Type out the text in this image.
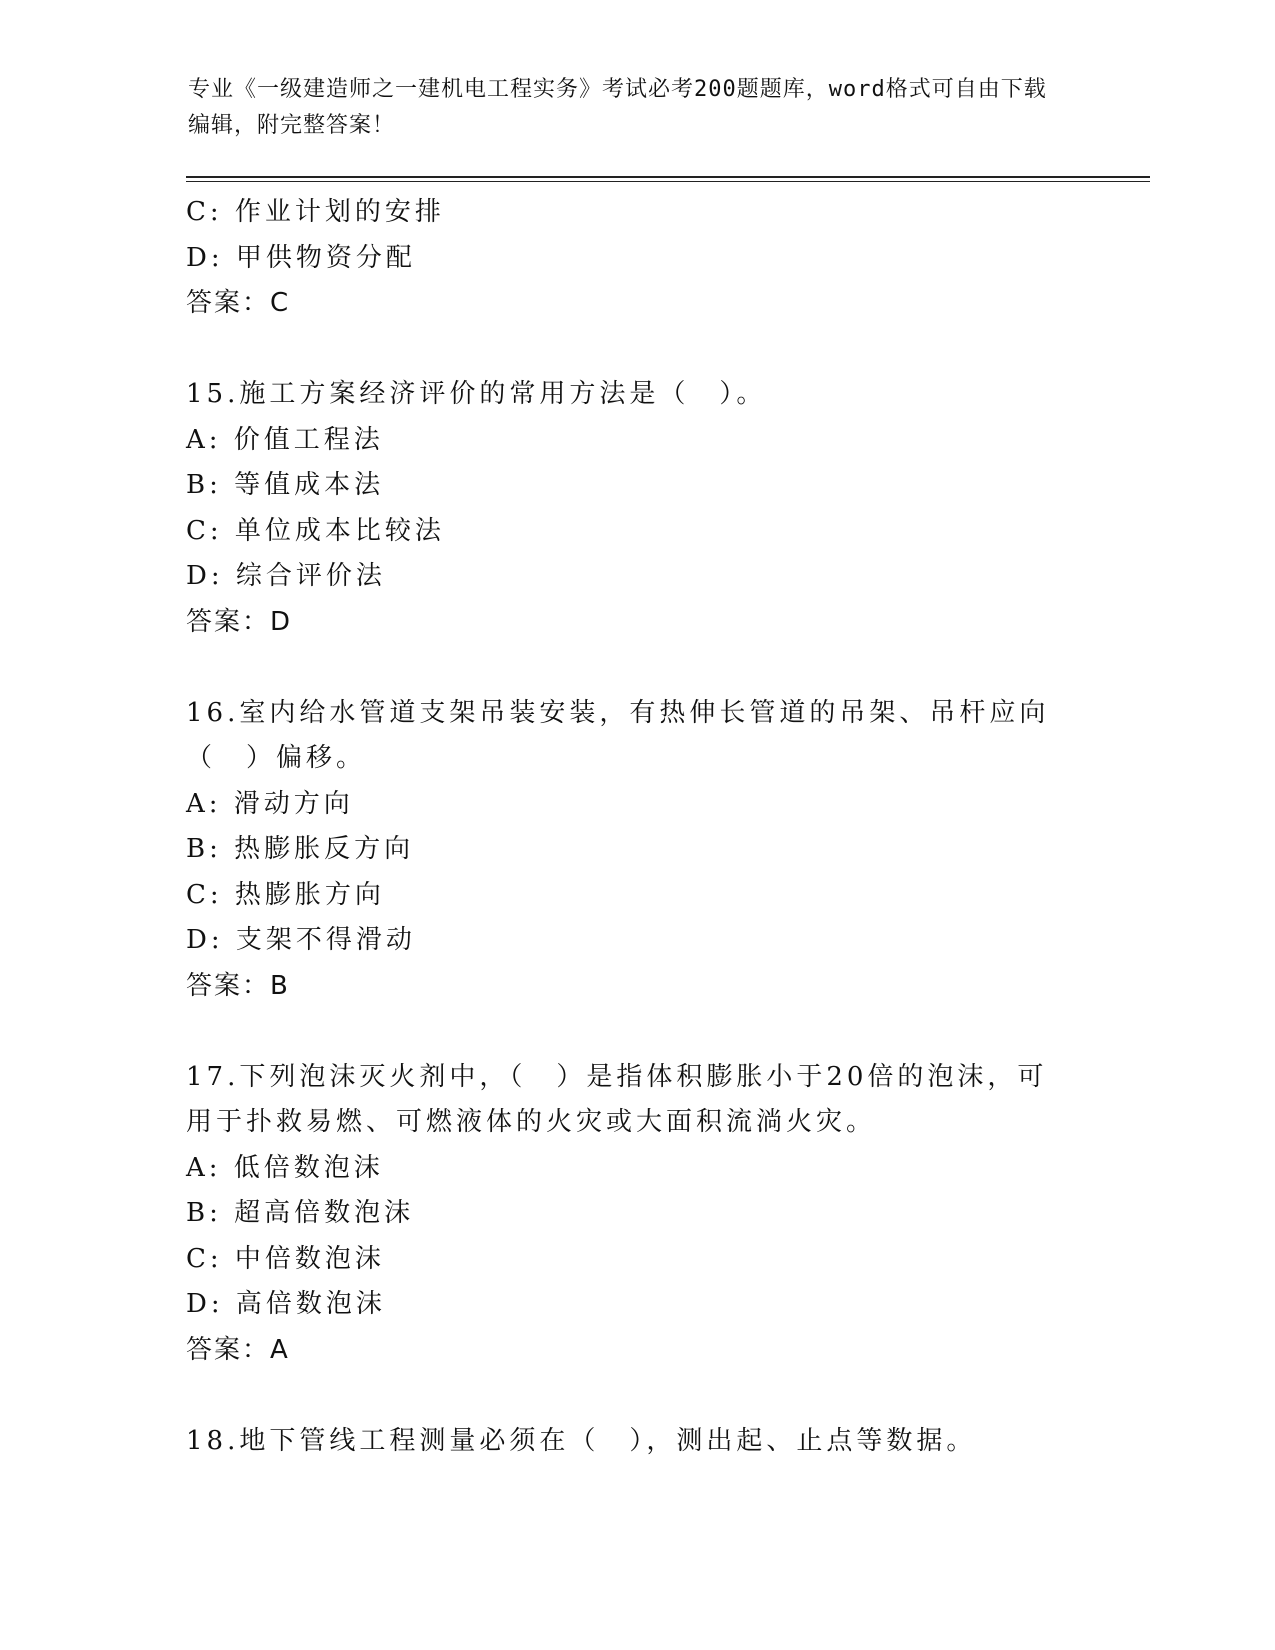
专业《一级建造师之一建机电工程实务》考试必考200题题库，word格式可自由下载编辑，附完整答案！
C: 作业计划的安排
D: 甲供物资分配
答案：C
15.施工方案经济评价的常用方法是（　）。
A: 价值工程法
B: 等值成本法
C: 单位成本比较法
D: 综合评价法
答案：D
16.室内给水管道支架吊装安装，有热伸长管道的吊架、吊杆应向（　）偏移。
A: 滑动方向
B: 热膨胀反方向
C: 热膨胀方向
D: 支架不得滑动
答案：B
17.下列泡沫灭火剂中，（　）是指体积膨胀小于20倍的泡沫，可用于扑救易燃、可燃液体的火灾或大面积流淌火灾。
A: 低倍数泡沫
B: 超高倍数泡沫
C: 中倍数泡沫
D: 高倍数泡沫
答案：A
18.地下管线工程测量必须在（　），测出起、止点等数据。
